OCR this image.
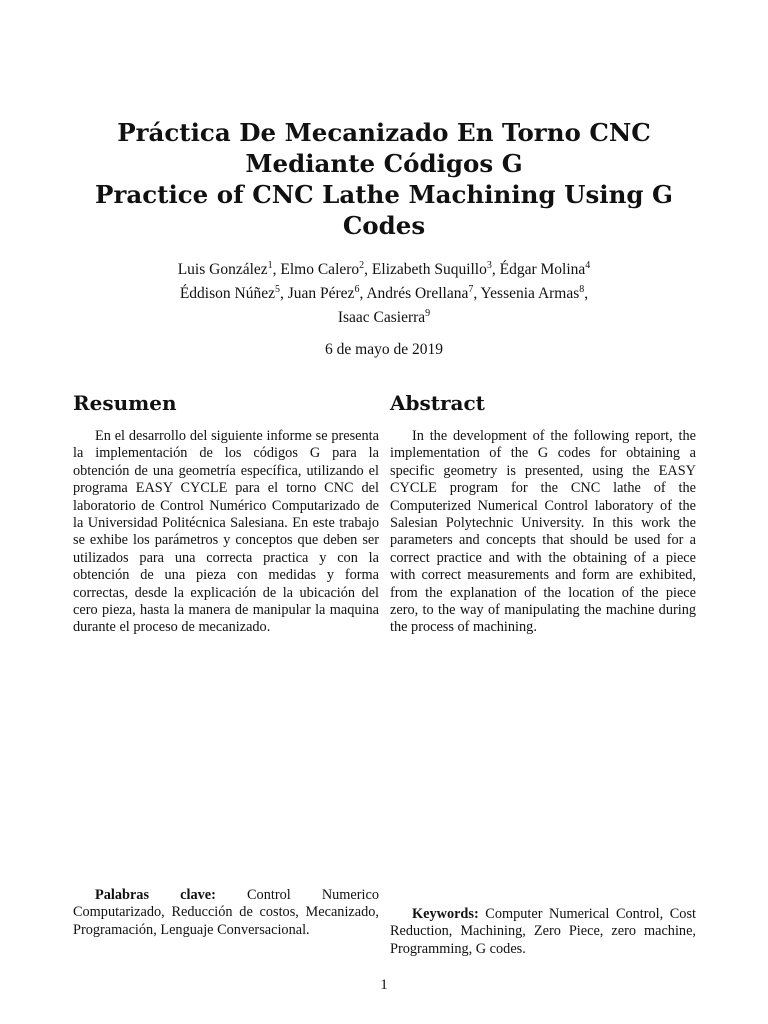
Práctica De Mecanizado En Torno CNC
Mediante Códigos G
Practice of CNC Lathe Machining Using G
Codes
Luis González$^1$, Elmo Calero$^2$, Elizabeth Suquillo$^3$, Édgar Molina$^4$
Éddison Núñez$^5$, Juan Pérez$^6$, Andrés Orellana$^7$, Yessenia Armas$^8$,
Isaac Casierra$^9$
6 de mayo de 2019
Resumen	Abstract
En el desarrollo del siguiente informe se presenta la implementación de los códigos G para la obtención de una geometría específica, utilizando el programa EASY CYCLE para el torno CNC del laboratorio de Control Numérico Computarizado de la Universidad Politécnica Salesiana. En este trabajo se exhibe los parámetros y conceptos que deben ser utilizados para una correcta practica y con la obtención de una pieza con medidas y forma correctas, desde la explicación de la ubicación del cero pieza, hasta la manera de manipular la maquina durante el proceso de mecanizado.
In the development of the following report, the implementation of the G codes for obtaining a specific geometry is presented, using the EASY CYCLE program for the CNC lathe of the Computerized Numerical Control laboratory of the Salesian Polytechnic University. In this work the parameters and concepts that should be used for a correct practice and with the obtaining of a piece with correct measurements and form are exhibited, from the explanation of the location of the piece zero, to the way of manipulating the machine during the process of machining.
Palabras clave: Control Numerico Computarizado, Reducción de costos, Mecanizado, Programación, Lenguaje Conversacional.
Keywords: Computer Numerical Control, Cost Reduction, Machining, Zero Piece, zero machine, Programming, G codes.
1
